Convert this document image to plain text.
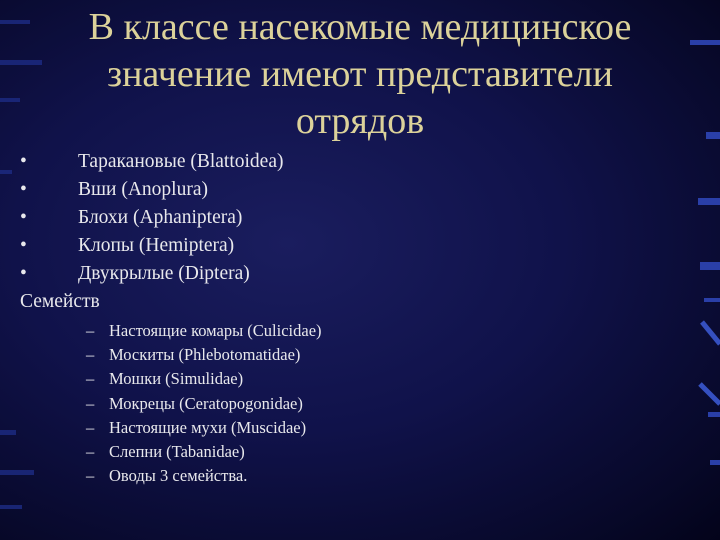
В классе насекомые медицинское
значение имеют представители
отрядов
•	Таракановые (Blattoidea)
•	Вши (Anoplura)
•	Блохи (Aphaniptera)
•	Клопы (Hemiptera)
•	Двукрылые (Diptera)
Семейств
– Настоящие комары (Culicidae)
– Москиты (Phlebotomatidae)
– Мошки (Simulidae)
– Мокрецы (Ceratopogonidae)
– Настоящие мухи (Muscidae)
– Слепни (Tabanidae)
– Оводы 3 семейства.
